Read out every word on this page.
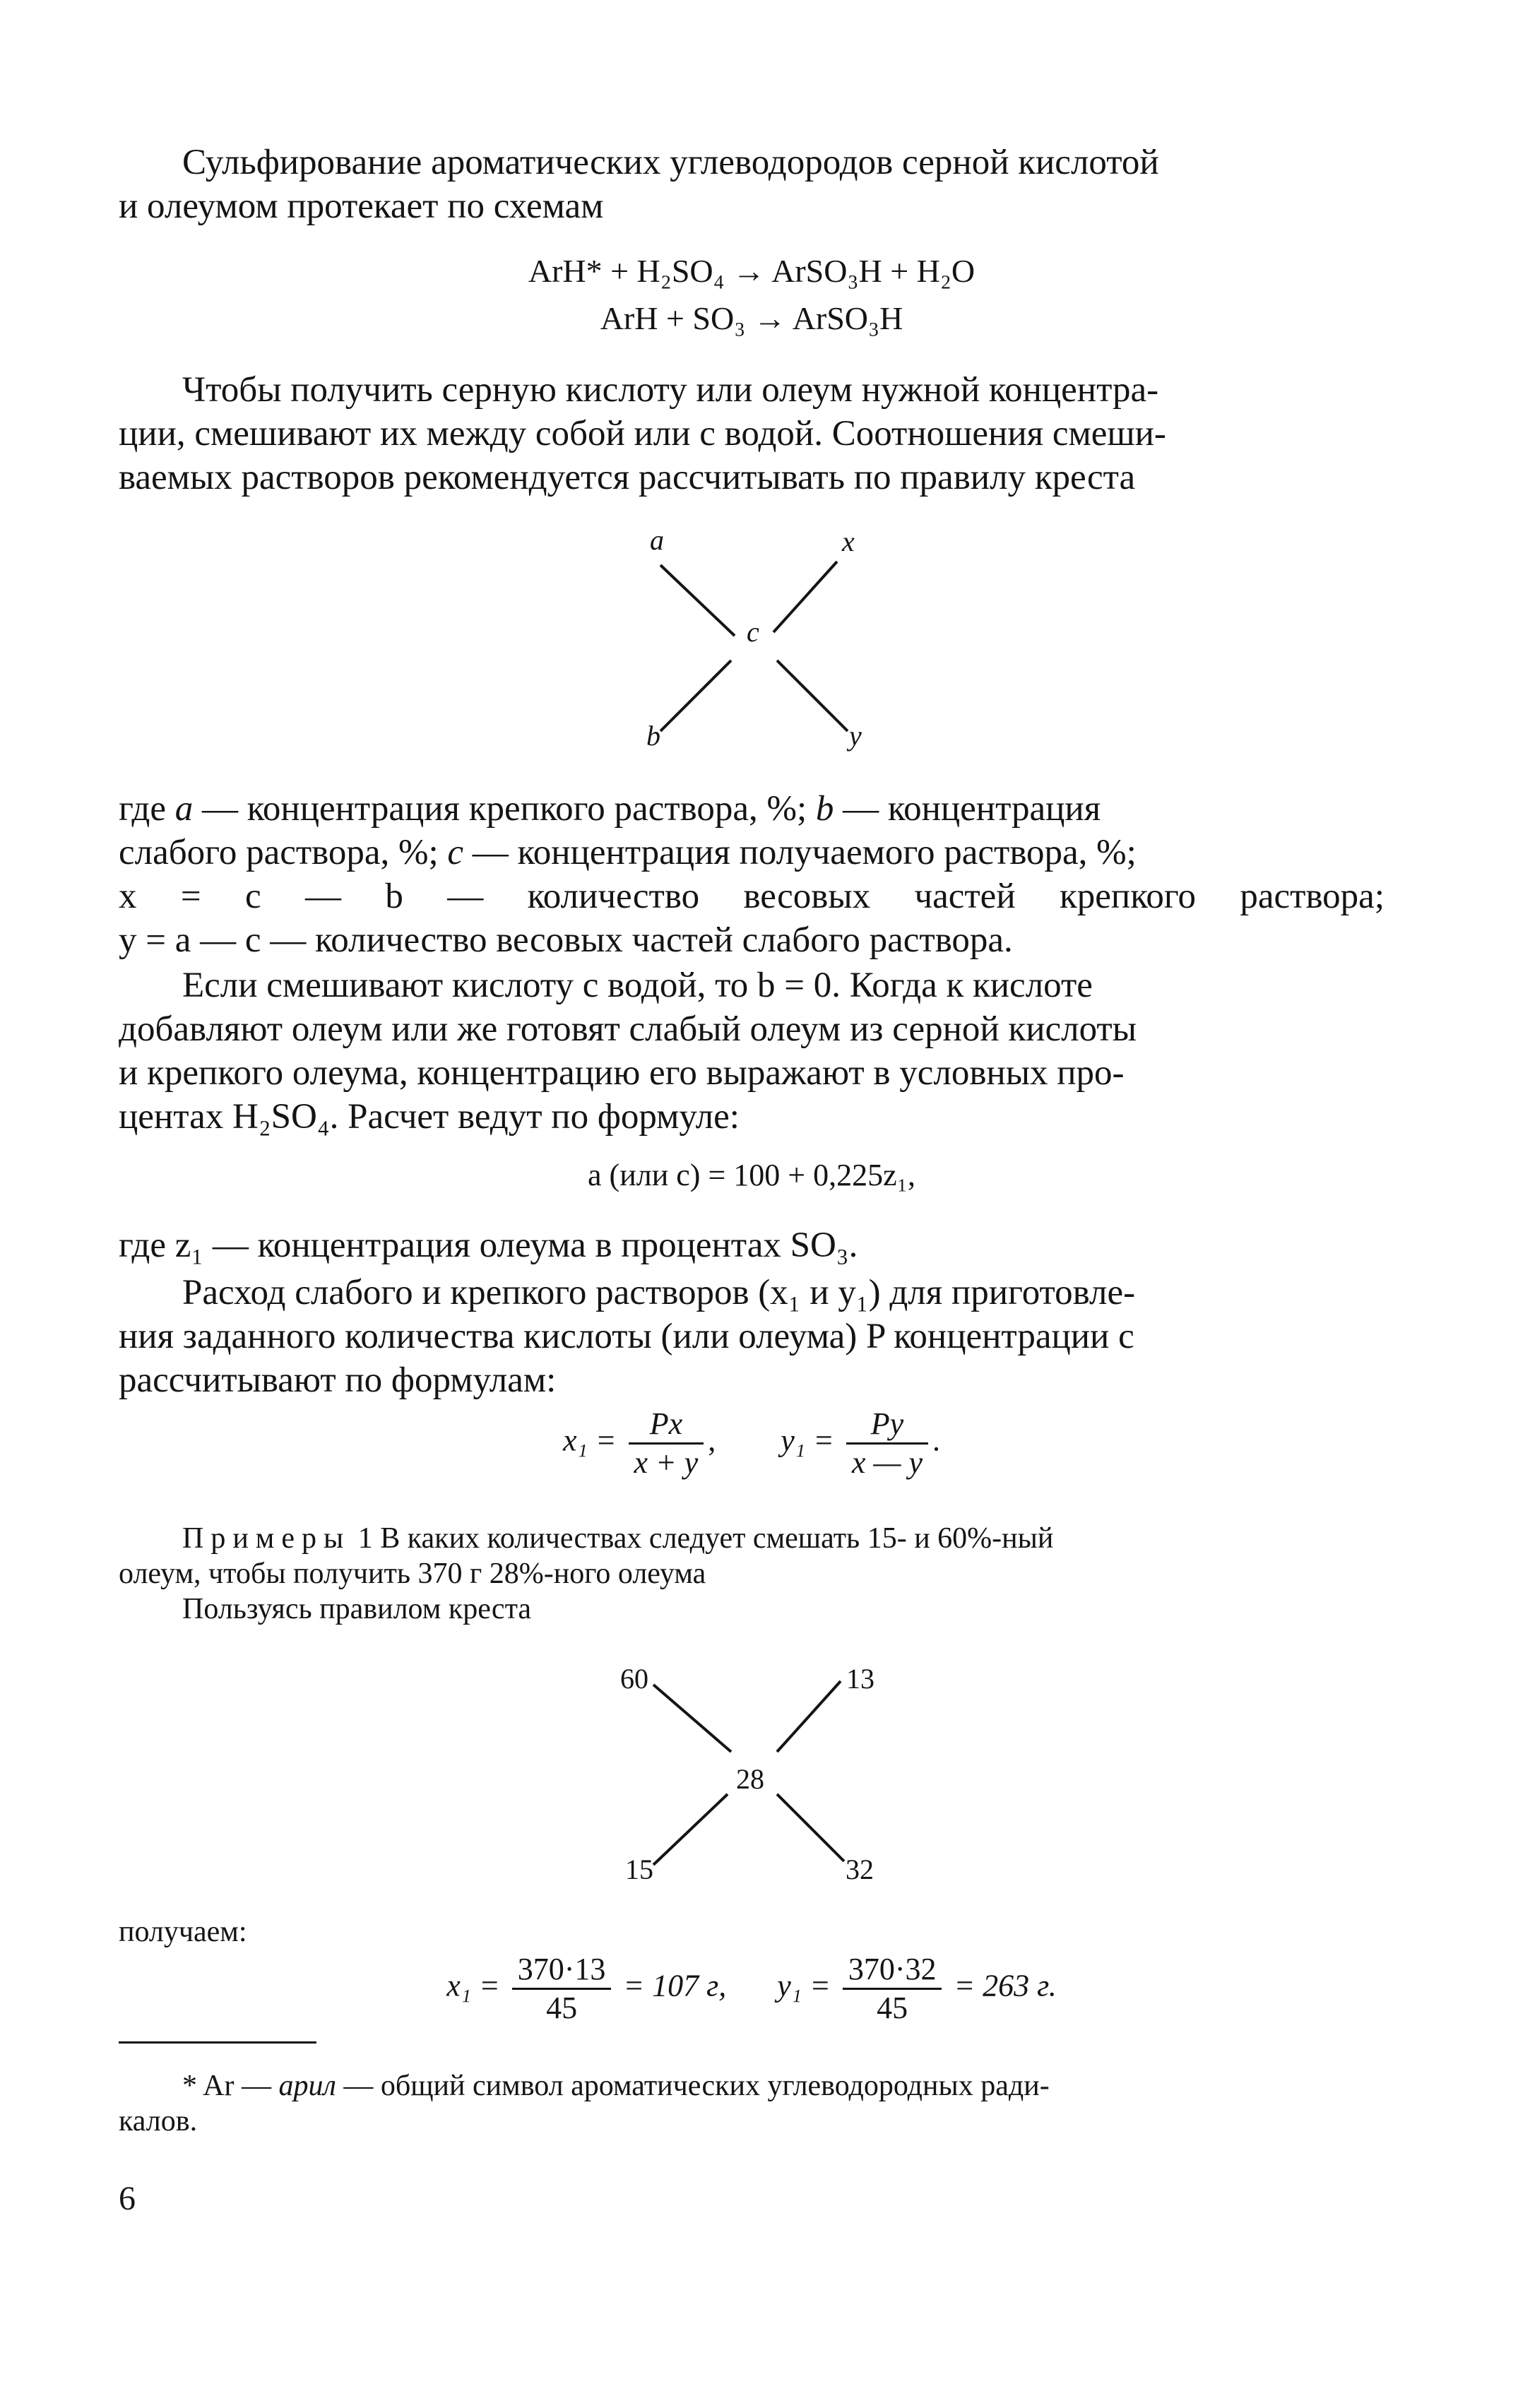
Сульфирование ароматических углеводородов серной кислотой
и олеумом протекает по схемам
ArH* + H₂SO₄ → ArSO₃H + H₂O
ArH + SO₃ → ArSO₃H
Чтобы получить серную кислоту или олеум нужной концентра-
ции, смешивают их между собой или с водой. Соотношения смеши-
ваемых растворов рекомендуется рассчитывать по правилу креста
a	x
c
b	y
где a — концентрация крепкого раствора, %; b — концентрация
слабого раствора, %; c — концентрация получаемого раствора, %;
x = c — b — количество весовых частей крепкого раствора;
y = a — c — количество весовых частей слабого раствора.
Если смешивают кислоту с водой, то b = 0. Когда к кислоте
добавляют олеум или же готовят слабый олеум из серной кислоты
и крепкого олеума, концентрацию его выражают в условных про-
центах H₂SO₄. Расчет ведут по формуле:
a (или c) = 100 + 0,225z₁,
где z₁ — концентрация олеума в процентах SO₃.
Расход слабого и крепкого растворов (x₁ и y₁) для приготовле-
ния заданного количества кислоты (или олеума) P концентрации c
рассчитывают по формулам:
$x_1 = \frac{Px}{x + y}$ , $y_1 = \frac{Py}{x — y}$ .
Примеры 1 В каких количествах следует смешать 15- и 60%-ный
олеум, чтобы получить 370 г 28%-ного олеума
Пользуясь правилом креста
60	13
28
15	32
получаем:
$x_1 = \frac{370\cdot 13}{45} = 107$ г, $y_1 = \frac{370\cdot 32}{45} = 263$ г.
* Ar — арил — общий символ ароматических углеводородных ради-
калов.
6
